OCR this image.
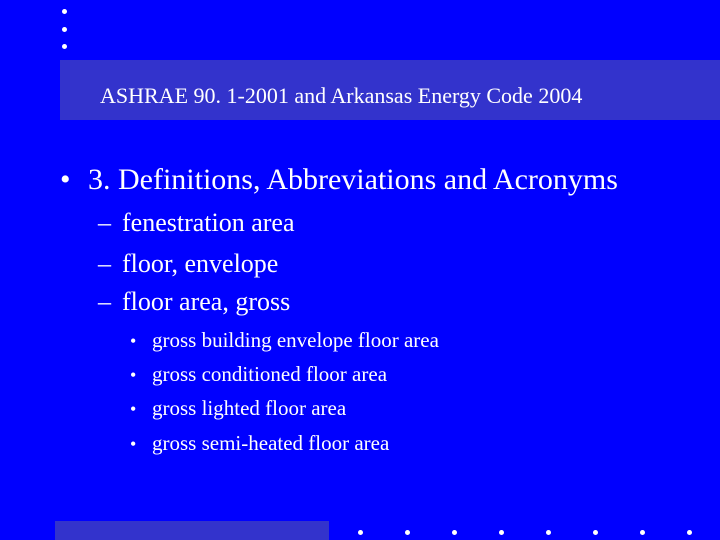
ASHRAE 90. 1-2001 and Arkansas Energy Code 2004
• 3. Definitions, Abbreviations and Acronyms
– fenestration area
– floor, envelope
– floor area, gross
• gross building envelope floor area
• gross conditioned floor area
• gross lighted floor area
• gross semi-heated floor area
